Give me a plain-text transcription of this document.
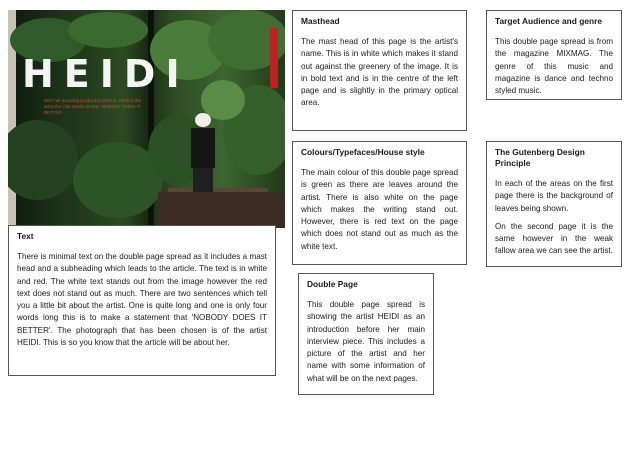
HEIDI
With her amazing production perfect, Heidi is the artist the club needs to hear. NOBODY DOES IT BETTER.
Masthead

The mast head of this page is the artist's name. This is in white which makes it stand out against the greenery of the image. It is in bold text and is in the centre of the left page and is slightly in the primary optical area.

Target Audience and genre

This double page spread is from the magazine MIXMAG. The genre of this music and magazine is dance and techno styled music.

Colours/Typefaces/House style

The main colour of this double page spread is green as there are leaves around the artist. There is also white on the page which makes the writing stand out. However, there is red text on the page which does not stand out as much as the white text.

The Gutenberg Design Principle

In each of the areas on the first page there is the background of leaves being shown.

On the second page it is the same however in the weak fallow area we can see the artist.

Text

There is minimal text on the double page spread as it includes a mast head and a subheading which leads to the article. The text is in white and red. The white text stands out from the image however the red text does not stand out as much. There are two sentences which tell you a little bit about the artist. One is quite long and one is only four words long this is to make a statement that 'NOBODY DOES IT BETTER'. The photograph that has been chosen is of the artist HEIDI. This is so you know that the article will be about her.

Double Page

This double page spread is showing the artist HEIDI as an introduction before her main interview piece. This includes a picture of the artist and her name with some information of what will be on the next pages.
